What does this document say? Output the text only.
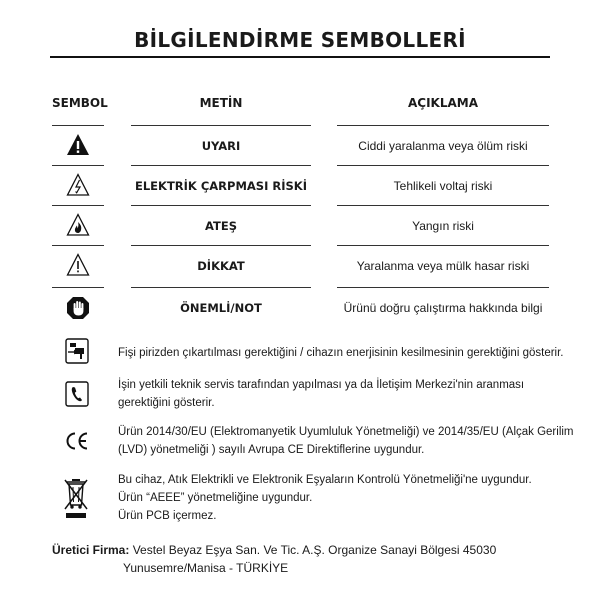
BİLGİLENDİRME SEMBOLLERİ
SEMBOL	METİN	AÇIKLAMA
UYARI	Ciddi yaralanma veya ölüm riski
ELEKTRİK ÇARPMASI RİSKİ	Tehlikeli voltaj riski
ATEŞ	Yangın riski
DİKKAT	Yaralanma veya mülk hasar riski
ÖNEMLİ/NOT	Ürünü doğru çalıştırma hakkında bilgi
Fişi pirizden çıkartılması gerektiğini / cihazın enerjisinin kesilmesinin gerektiğini gösterir.
İşin yetkili teknik servis tarafından yapılması ya da İletişim Merkezi'nin aranması
gerektiğini gösterir.
Ürün 2014/30/EU (Elektromanyetik Uyumluluk Yönetmeliği) ve 2014/35/EU (Alçak Gerilim
(LVD) yönetmeliği ) sayılı Avrupa CE Direktiflerine uygundur.
Bu cihaz, Atık Elektrikli ve Elektronik Eşyaların Kontrolü Yönetmeliği'ne uygundur.
Ürün “AEEE” yönetmeliğine uygundur.
Ürün PCB içermez.
Üretici Firma: Vestel Beyaz Eşya San. Ve Tic. A.Ş. Organize Sanayi Bölgesi 45030
Yunusemre/Manisa - TÜRKİYE
